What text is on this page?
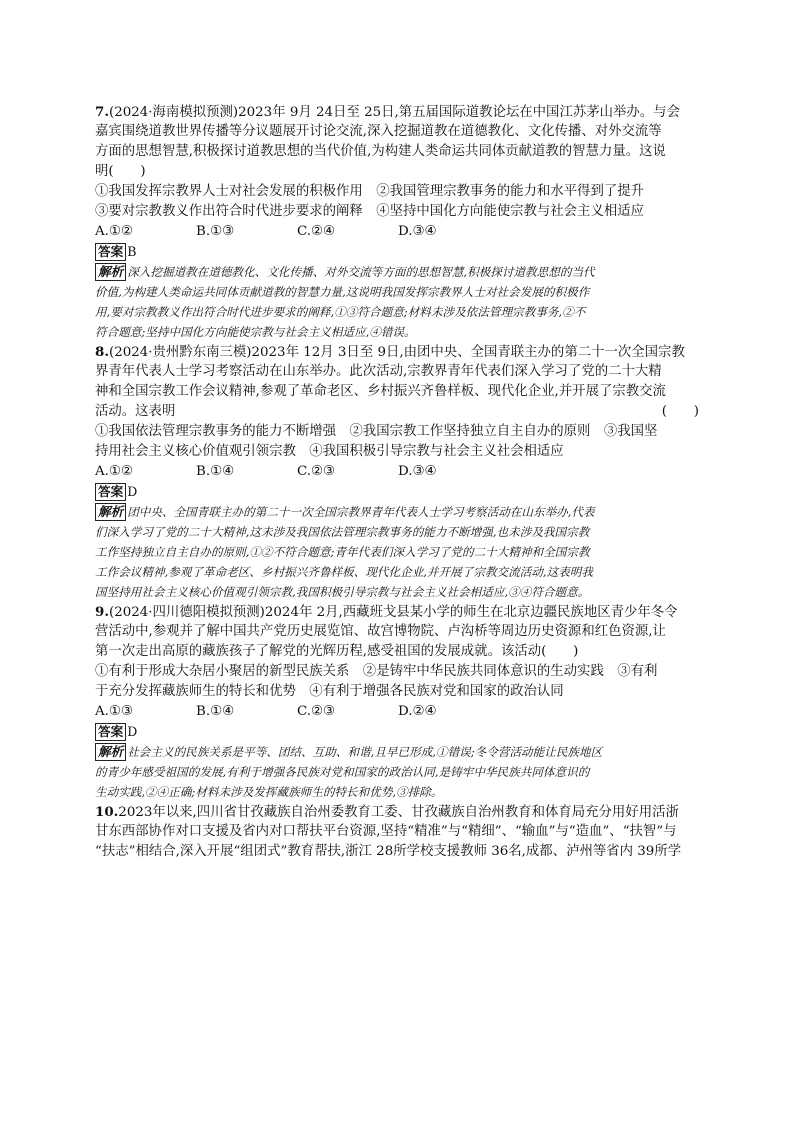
7.(2024·海南模拟预测)2023年 9月 24日至 25日,第五届国际道教论坛在中国江苏茅山举办。与会

嘉宾围绕道教世界传播等分议题展开讨论交流,深入挖掘道教在道德教化、文化传播、对外交流等

方面的思想智慧,积极探讨道教思想的当代价值,为构建人类命运共同体贡献道教的智慧力量。这说

明(　　)

①我国发挥宗教界人士对社会发展的积极作用　②我国管理宗教事务的能力和水平得到了提升

③要对宗教教义作出符合时代进步要求的阐释　④坚持中国化方向能使宗教与社会主义相适应

A.①②	B.①③	C.②④	D.③④
答案 B
解析 深入挖掘道教在道德教化、文化传播、对外交流等方面的思想智慧,积极探讨道教思想的当代
价值,为构建人类命运共同体贡献道教的智慧力量,这说明我国发挥宗教界人士对社会发展的积极作
用,要对宗教教义作出符合时代进步要求的阐释,①③符合题意;材料未涉及依法管理宗教事务,②不
符合题意;坚持中国化方向能使宗教与社会主义相适应,④错误。

8.(2024·贵州黔东南三模)2023年 12月 3日至 9日,由团中央、全国青联主办的第二十一次全国宗教

界青年代表人士学习考察活动在山东举办。此次活动,宗教界青年代表们深入学习了党的二十大精

神和全国宗教工作会议精神,参观了革命老区、乡村振兴齐鲁样板、现代化企业,并开展了宗教交流

活动。这表明	(　　)

①我国依法管理宗教事务的能力不断增强　②我国宗教工作坚持独立自主自办的原则　③我国坚

持用社会主义核心价值观引领宗教　④我国积极引导宗教与社会主义社会相适应

A.①②	B.①④	C.②③	D.③④
答案 D
解析 团中央、全国青联主办的第二十一次全国宗教界青年代表人士学习考察活动在山东举办,代表
们深入学习了党的二十大精神,这未涉及我国依法管理宗教事务的能力不断增强,也未涉及我国宗教
工作坚持独立自主自办的原则,①②不符合题意;青年代表们深入学习了党的二十大精神和全国宗教
工作会议精神,参观了革命老区、乡村振兴齐鲁样板、现代化企业,并开展了宗教交流活动,这表明我
国坚持用社会主义核心价值观引领宗教,我国积极引导宗教与社会主义社会相适应,③④符合题意。

9.(2024·四川德阳模拟预测)2024年 2月,西藏班戈县某小学的师生在北京边疆民族地区青少年冬令

营活动中,参观并了解中国共产党历史展览馆、故宫博物院、卢沟桥等周边历史资源和红色资源,让

第一次走出高原的藏族孩子了解党的光辉历程,感受祖国的发展成就。该活动(　　)

①有利于形成大杂居小聚居的新型民族关系　②是铸牢中华民族共同体意识的生动实践　③有利

于充分发挥藏族师生的特长和优势　④有利于增强各民族对党和国家的政治认同

A.①③	B.①④	C.②③	D.②④
答案 D
解析 社会主义的民族关系是平等、团结、互助、和谐,且早已形成,①错误;冬令营活动能让民族地区
的青少年感受祖国的发展,有利于增强各民族对党和国家的政治认同,是铸牢中华民族共同体意识的
生动实践,②④正确;材料未涉及发挥藏族师生的特长和优势,③排除。

10.2023年以来,四川省甘孜藏族自治州委教育工委、甘孜藏族自治州教育和体育局充分用好用活浙

甘东西部协作对口支援及省内对口帮扶平台资源,坚持“精准”与“精细”、“输血”与“造血”、“扶智”与

“扶志”相结合,深入开展“组团式”教育帮扶,浙江 28所学校支援教师 36名,成都、泸州等省内 39所学
